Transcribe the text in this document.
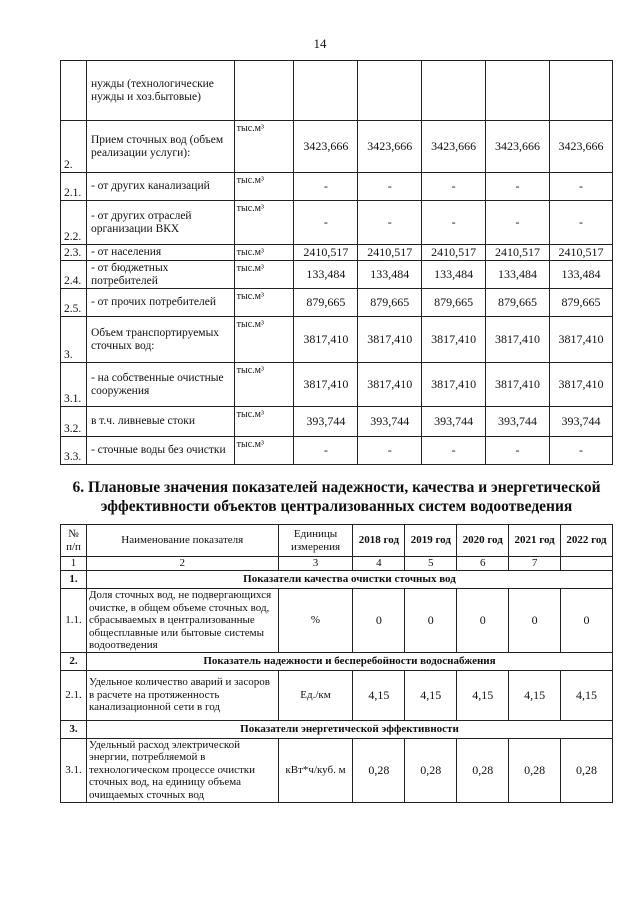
14
	нужды (технологические нужды и хоз.бытовые)						
2.	Прием сточных вод (объем реализации услуги):	тыс.м³	3423,666	3423,666	3423,666	3423,666	3423,666
2.1.	- от других канализаций	тыс.м³	-	-	-	-	-
2.2.	- от других отраслей организации ВКХ	тыс.м³	-	-	-	-	-
2.3.	- от населения	тыс.м³	2410,517	2410,517	2410,517	2410,517	2410,517
2.4.	- от бюджетных потребителей	тыс.м³	133,484	133,484	133,484	133,484	133,484
2.5.	- от прочих потребителей	тыс.м³	879,665	879,665	879,665	879,665	879,665
3.	Объем транспортируемых сточных вод:	тыс.м³	3817,410	3817,410	3817,410	3817,410	3817,410
3.1.	- на собственные очистные сооружения	тыс.м³	3817,410	3817,410	3817,410	3817,410	3817,410
3.2.	в т.ч. ливневые стоки	тыс.м³	393,744	393,744	393,744	393,744	393,744
3.3.	- сточные воды без очистки	тыс.м³	-	-	-	-	-
6. Плановые значения показателей надежности, качества и энергетической эффективности объектов централизованных систем водоотведения
№ п/п	Наименование показателя	Единицы измерения	2018 год	2019 год	2020 год	2021 год	2022 год
1	2	3	4	5	6	7	
1.	Показатели качества очистки сточных вод						
1.1.	Доля сточных вод, не подвергающихся очистке, в общем объеме сточных вод, сбрасываемых в централизованные общесплавные или бытовые системы водоотведения	%	0	0	0	0	0
2.	Показатель надежности и бесперебойности водоснабжения						
2.1.	Удельное количество аварий и засоров в расчете на протяженность канализационной сети в год	Ед./км	4,15	4,15	4,15	4,15	4,15
3.	Показатели энергетической эффективности						
3.1.	Удельный расход электрической энергии, потребляемой в технологическом процессе очистки сточных вод, на единицу объема очищаемых сточных вод	кВт*ч/куб. м	0,28	0,28	0,28	0,28	0,28
